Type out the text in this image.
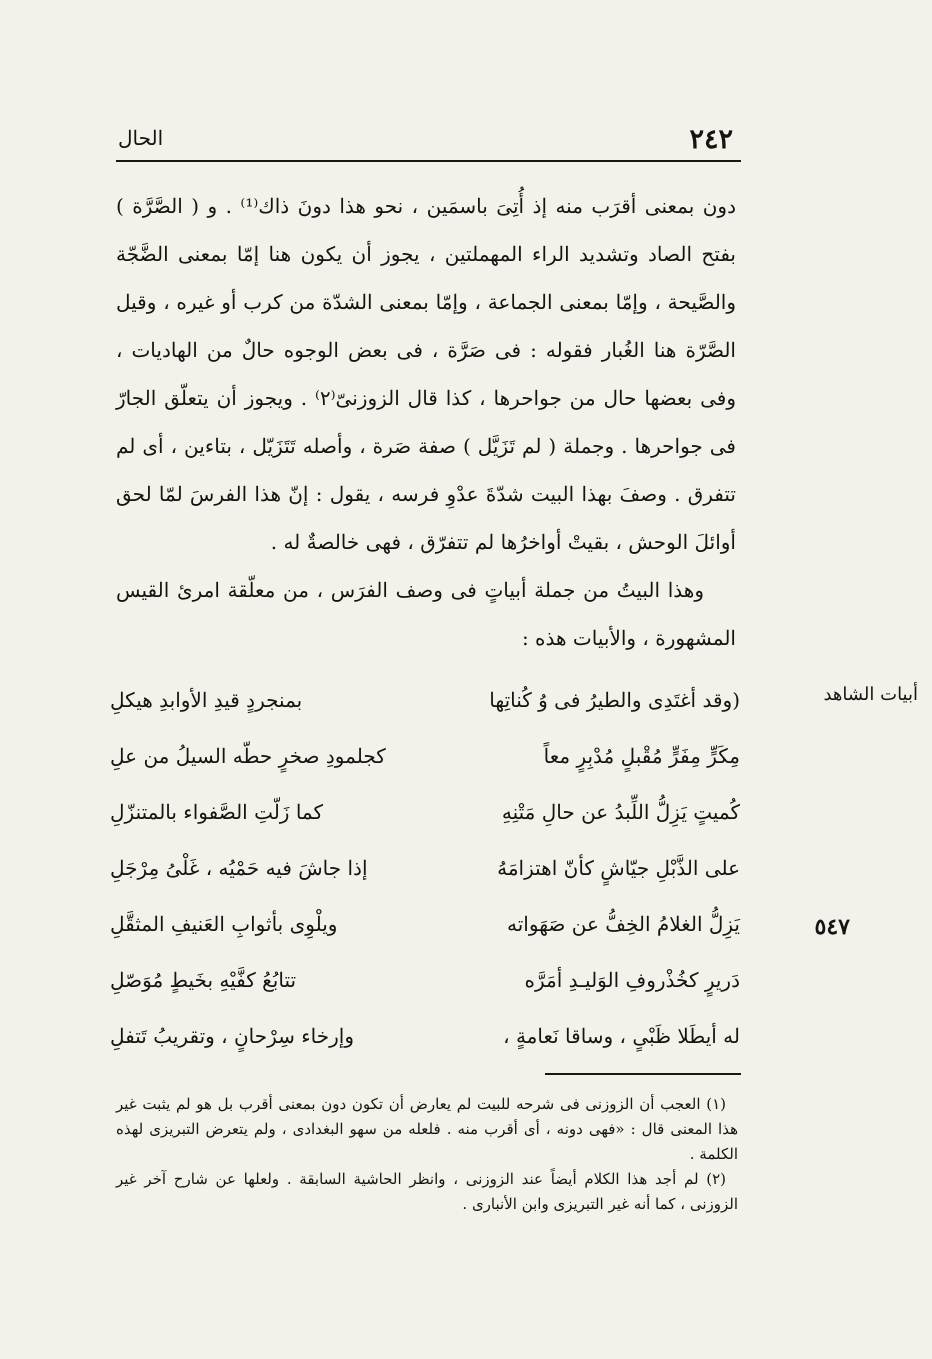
٢٤٢
الحال

دون بمعنى أقرَب منه إذ أُتِىَ باسمَين ، نحو هذا دونَ ذاك⁽¹⁾ . و ( الصَّرَّة ) بفتح الصاد وتشديد الراء المهملتين ، يجوز أن يكون هنا إمّا بمعنى الضَّجّة والصَّيحة ، وإمّا بمعنى الجماعة ، وإمّا بمعنى الشدّة من كرب أو غيره ، وقيل الصَّرّة هنا الغُبار فقوله : فى صَرَّة ، فى بعض الوجوه حالٌ من الهاديات ، وفى بعضها حال من جواحرها ، كذا قال الزوزنىّ⁽٢⁾ . ويجوز أن يتعلّق الجارّ فى جواحرها . وجملة ( لم تَزَيَّل ) صفة صَرة ، وأصله تَتَزَيّل ، بتاءين ، أى لم تتفرق . وصفَ بهذا البيت شدّةَ عدْوِ فرسه ، يقول : إنّ هذا الفرسَ لمّا لحق أوائلَ الوحش ، بقيتْ أواخرُها لم تتفرّق ، فهى خالصةٌ له .

وهذا البيتُ من جملة أبياتٍ فى وصف الفرَس ، من معلّقة امرئ القيس المشهورة ، والأبيات هذه :

أبيات الشاهد
٥٤٧
(وقد أغتَدِى والطيرُ فى وُ كُناتِها
بمنجردٍ قيدِ الأوابدِ هيكلِ
مِكَرٍّ مِفَرٍّ مُقْبلٍ مُدْبِرٍ معاً
كجلمودِ صخرٍ حطّه السيلُ من علِ
كُميتٍ يَزِلُّ اللِّبدُ عن حالِ مَتْنِهِ
كما زَلّتِ الصَّفواء بالمتنزّلِ
على الذَّبْلِ جيّاشٍ كأنّ اهتزامَهُ
إذا جاشَ فيه حَمْيُه ، غَلْىُ مِرْجَلِ
يَزِلُّ الغلامُ الخِفُّ عن صَهَواته
ويلْوِى بأثوابِ العَنيفِ المثقَّلِ
دَريرٍ كخُذْروفِ الوَليـدِ أمَرَّه
تتابُعُ كفَّيْهِ بخَيطٍ مُوَصّلِ
له أيطَلا ظَبْىٍ ، وساقا نَعامةٍ ،
وإرخاء سِرْحانٍ ، وتقريبُ تَتفلِ

(١) العجب أن الزوزنى فى شرحه للبيت لم يعارض أن تكون دون بمعنى أقرب بل هو لم يثبت غير هذا المعنى قال : «فهى دونه ، أى أقرب منه . فلعله من سهو البغدادى ، ولم يتعرض التبريزى لهذه الكلمة .

(٢) لم أجد هذا الكلام أيضاً عند الزوزنى ، وانظر الحاشية السابقة . ولعلها عن شارح آخر غير الزوزنى ، كما أنه غير التبريزى وابن الأنبارى .
